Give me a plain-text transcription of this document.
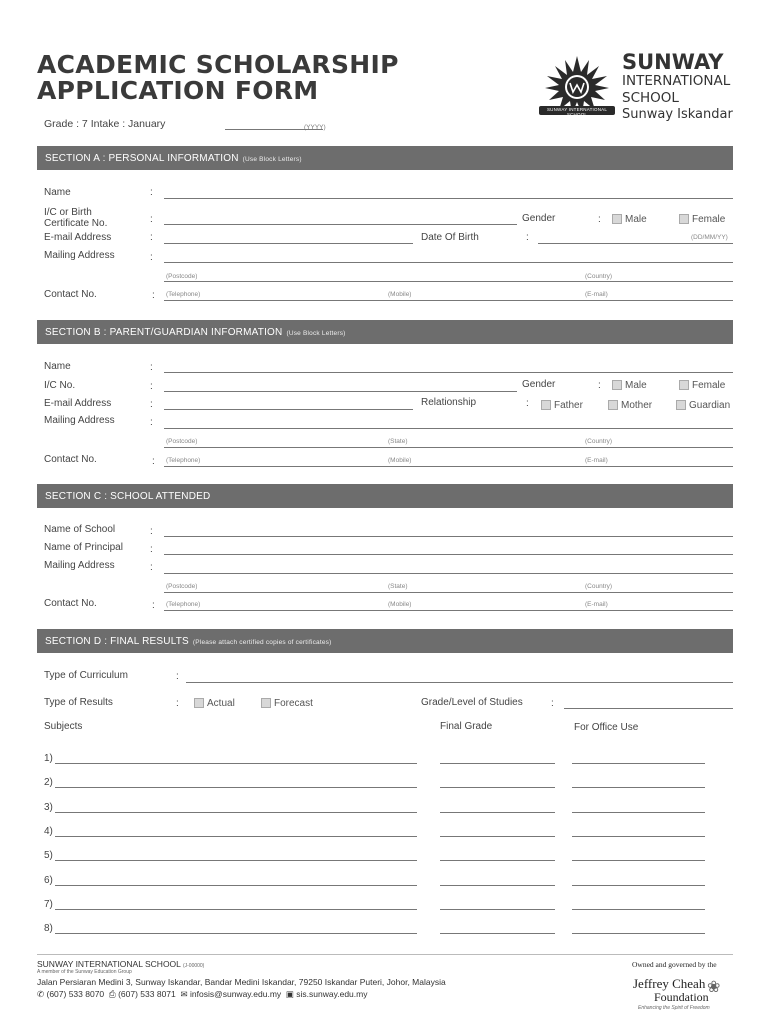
ACADEMIC SCHOLARSHIP
APPLICATION FORM
Grade : 7 Intake : January	(YYYY)
SUNWAY INTERNATIONAL SCHOOL
SUNWAY
INTERNATIONAL
SCHOOL
Sunway Iskandar
SECTION A : PERSONAL INFORMATION (Use Block Letters)
Name	:
I/C or Birth Certificate No.	:	Gender	: Male	Female
E-mail Address	:	Date Of Birth	:	(DD/MM/YY)
Mailing Address	:
(Postcode)	(Country)
Contact No.	: (Telephone)	(Mobile)	(E-mail)
SECTION B : PARENT/GUARDIAN INFORMATION (Use Block Letters)
Name	:
I/C No.	:	Gender	: Male	Female
E-mail Address	:	Relationship	:	Father	Mother	Guardian
Mailing Address	:
(Postcode)	(State)	(Country)
Contact No.	: (Telephone)	(Mobile)	(E-mail)
SECTION C : SCHOOL ATTENDED
Name of School	:
Name of Principal	:
Mailing Address	:
(Postcode)	(State)	(Country)
Contact No.	: (Telephone)	(Mobile)	(E-mail)
SECTION D : FINAL RESULTS (Please attach certified copies of certificates)
Type of Curriculum	:
Type of Results	:	Actual	Forecast	Grade/Level of Studies	:
Subjects	Final Grade	For Office Use
1)
2)
3)
4)
5)
6)
7)
8)
SUNWAY INTERNATIONAL SCHOOL (J-00000)
A member of the Sunway Education Group
Jalan Persiaran Medini 3, Sunway Iskandar, Bandar Medini Iskandar, 79250 Iskandar Puteri, Johor, Malaysia
✆ (607) 533 8070 ⎙ (607) 533 8071 ✉ infosis@sunway.edu.my ▣ sis.sunway.edu.my
Owned and governed by the
Jeffrey Cheah
Foundation
❀
Enhancing the Spirit of Freedom
